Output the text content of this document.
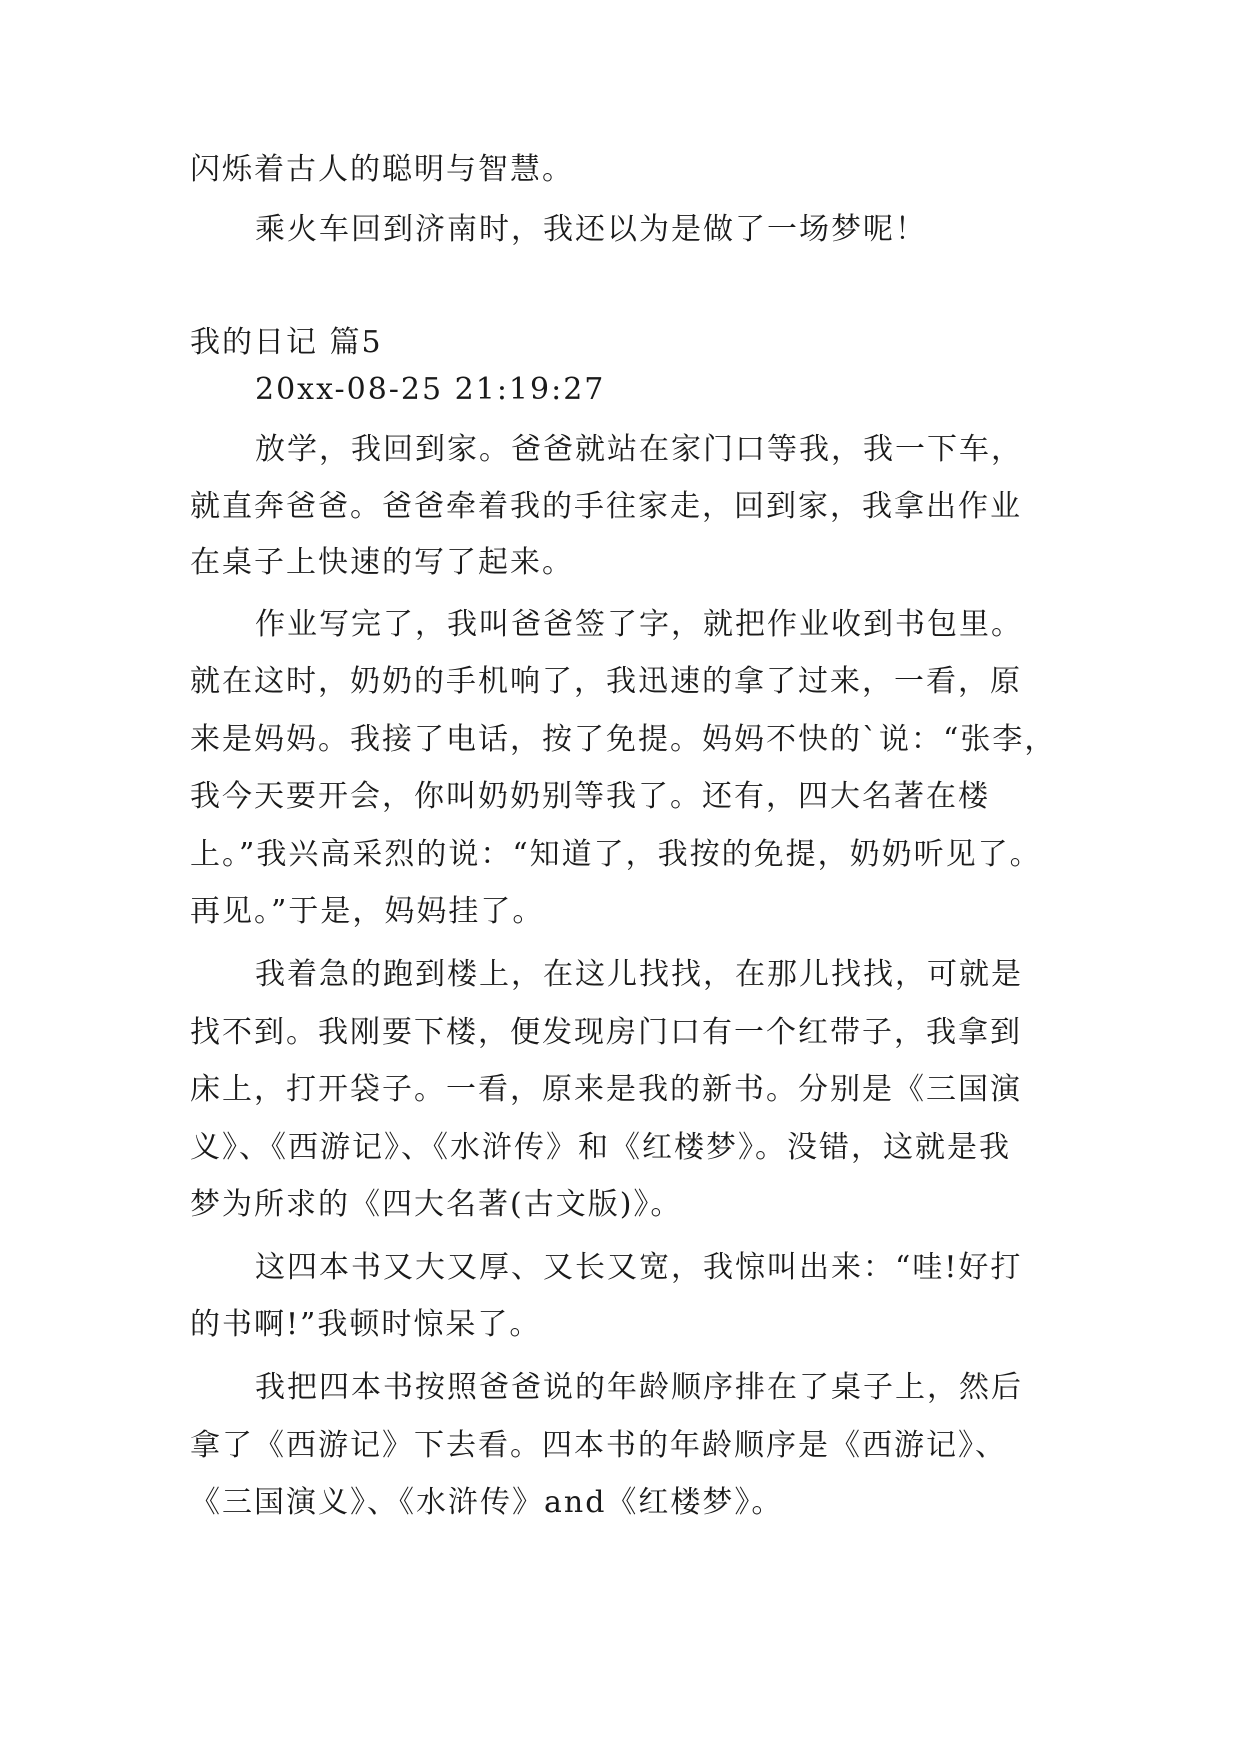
闪烁着古人的聪明与智慧。
乘火车回到济南时，我还以为是做了一场梦呢！
我的日记 篇5
20xx-08-25 21:19:27
放学，我回到家。爸爸就站在家门口等我，我一下车，
就直奔爸爸。爸爸牵着我的手往家走，回到家，我拿出作业
在桌子上快速的写了起来。
作业写完了，我叫爸爸签了字，就把作业收到书包里。
就在这时，奶奶的手机响了，我迅速的拿了过来，一看，原
来是妈妈。我接了电话，按了免提。妈妈不快的`说：“张李，
我今天要开会，你叫奶奶别等我了。还有，四大名著在楼
上。”我兴高采烈的说：“知道了，我按的免提，奶奶听见了。
再见。”于是，妈妈挂了。
我着急的跑到楼上，在这儿找找，在那儿找找，可就是
找不到。我刚要下楼，便发现房门口有一个红带子，我拿到
床上，打开袋子。一看，原来是我的新书。分别是《三国演
义》、《西游记》、《水浒传》和《红楼梦》。没错，这就是我
梦为所求的《四大名著(古文版)》。
这四本书又大又厚、又长又宽，我惊叫出来：“哇!好打
的书啊!”我顿时惊呆了。
我把四本书按照爸爸说的年龄顺序排在了桌子上，然后
拿了《西游记》下去看。四本书的年龄顺序是《西游记》、
《三国演义》、《水浒传》and《红楼梦》。
